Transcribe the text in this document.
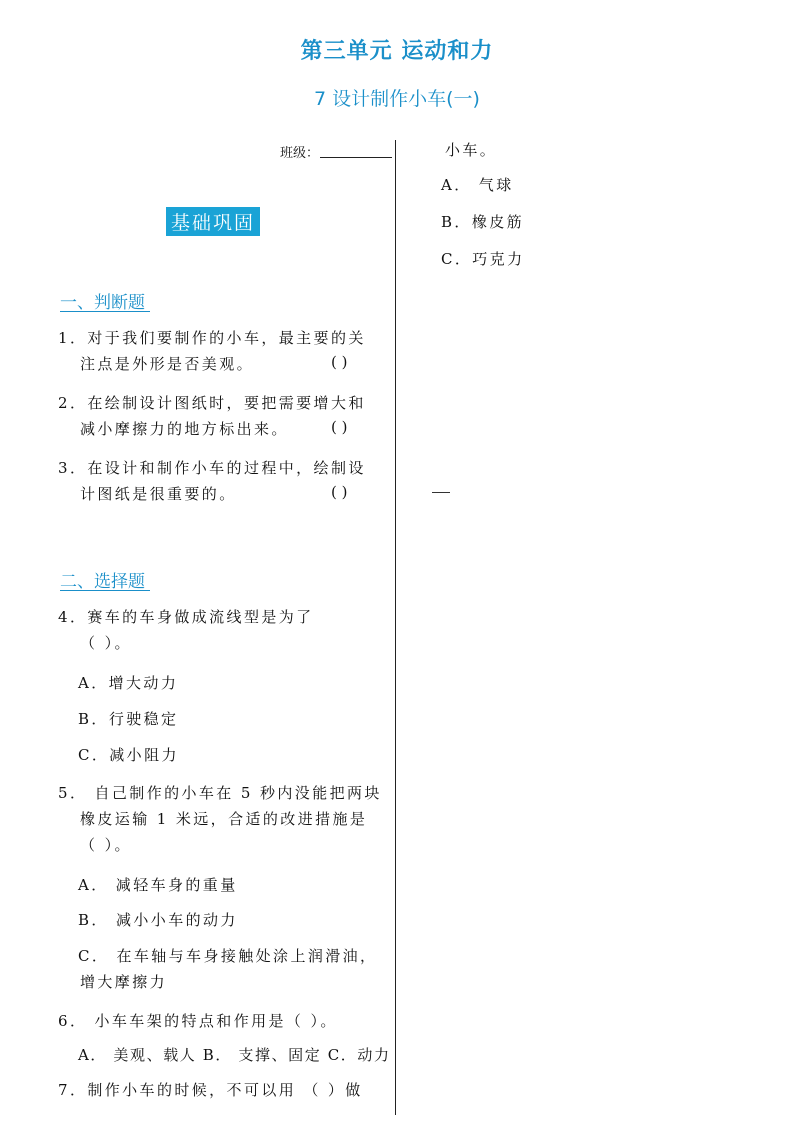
第三单元 运动和力
7 设计制作小车(一)
班级：
基础巩固
一、判断题
1．对于我们要制作的小车，最主要的关
注点是外形是否美观。	( )
2．在绘制设计图纸时，要把需要增大和
减小摩擦力的地方标出来。	( )
3．在设计和制作小车的过程中，绘制设
计图纸是很重要的。	( )
二、选择题
4．赛车的车身做成流线型是为了
（ ）。
A．增大动力
B．行驶稳定
C．减小阻力
5． 自己制作的小车在 5 秒内没能把两块
橡皮运输 1 米远，合适的改进措施是
（ ）。
A． 减轻车身的重量
B． 减小小车的动力
C． 在车轴与车身接触处涂上润滑油，
增大摩擦力
6． 小车车架的特点和作用是（ ）。
A． 美观、载人 B． 支撑、固定 C．动力
7．制作小车的时候，不可以用 （ ）做
小车。
A． 气球
B．橡皮筋
C．巧克力
